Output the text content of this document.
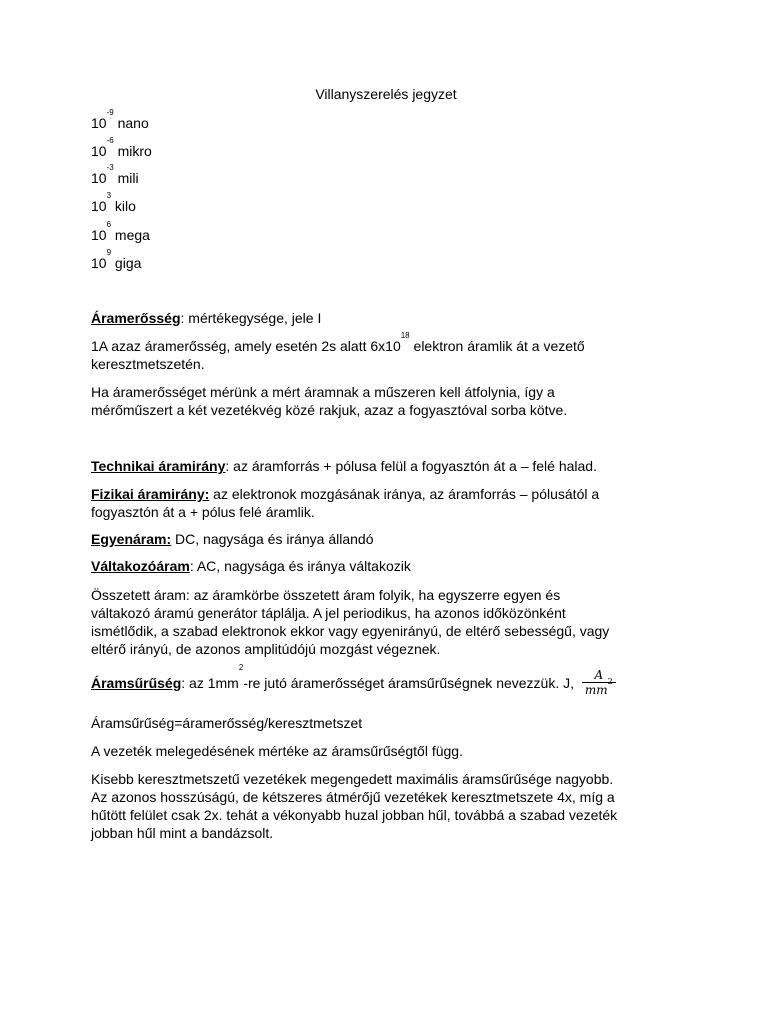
Villanyszerelés jegyzet
$10^{-9}$ nano
$10^{-6}$ mikro
$10^{-3}$ mili
$10^3$ kilo
$10^6$ mega
$10^9$ giga
Áramerősség: mértékegysége, jele I
1A azaz áramerősség, amely esetén 2s alatt $6x10^{18}$ elektron áramlik át a vezető
keresztmetszetén.
Ha áramerősséget mérünk a mért áramnak a műszeren kell átfolynia, így a
mérőműszert a két vezetékvég közé rakjuk, azaz a fogyasztóval sorba kötve.
Technikai áramirány: az áramforrás + pólusa felül a fogyasztón át a – felé halad.
Fizikai áramirány: az elektronok mozgásának iránya, az áramforrás – pólusától a
fogyasztón át a + pólus felé áramlik.
Egyenáram: DC, nagysága és iránya állandó
Váltakozóáram: AC, nagysága és iránya váltakozik
Összetett áram: az áramkörbe összetett áram folyik, ha egyszerre egyen és
váltakozó áramú generátor táplálja. A jel periodikus, ha azonos időközönként
ismétlődik, a szabad elektronok ekkor vagy egyenirányú, de eltérő sebességű, vagy
eltérő irányú, de azonos amplitúdójú mozgást végeznek.
Áramsűrűség: az $1mm^2-re$ jutó áramerősséget áramsűrűségnek nevezzük. J, $\frac{A}{mm^2}$
Áramsűrűség=áramerősség/keresztmetszet
A vezeték melegedésének mértéke az áramsűrűségtől függ.
Kisebb keresztmetszetű vezetékek megengedett maximális áramsűrűsége nagyobb.
Az azonos hosszúságú, de kétszeres átmérőjű vezetékek keresztmetszete 4x, míg a
hűtött felület csak 2x. tehát a vékonyabb huzal jobban hűl, továbbá a szabad vezeték
jobban hűl mint a bandázsolt.
